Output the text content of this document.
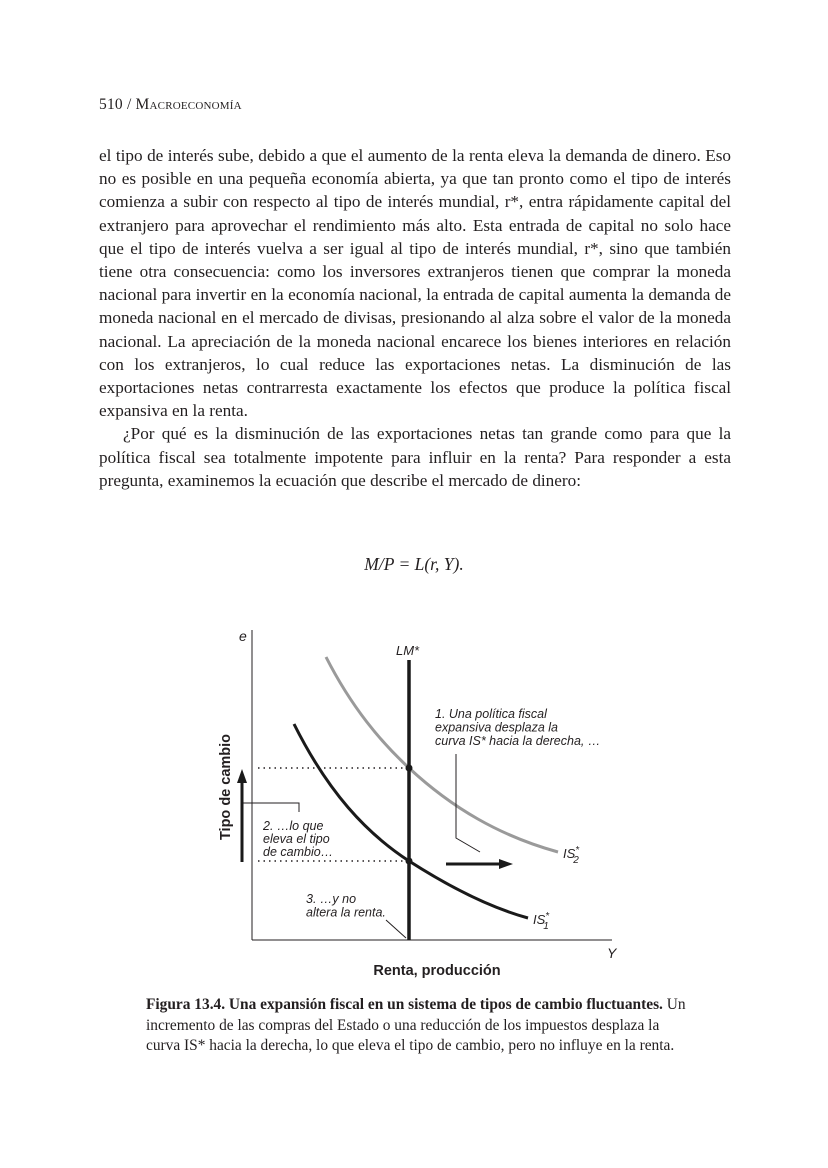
510 / Macroeconomía

el tipo de interés sube, debido a que el aumento de la renta eleva la demanda de dinero. Eso no es posible en una pequeña economía abierta, ya que tan pronto como el tipo de interés comienza a subir con respecto al tipo de interés mundial, r*, entra rápidamente capital del extranjero para aprovechar el rendimiento más alto. Esta entrada de capital no solo hace que el tipo de interés vuelva a ser igual al tipo de interés mundial, r*, sino que también tiene otra consecuencia: como los inversores extranjeros tienen que comprar la moneda nacional para invertir en la economía nacional, la entrada de capital aumenta la demanda de moneda nacional en el mercado de divisas, presionando al alza sobre el valor de la moneda nacional. La apreciación de la moneda nacional encarece los bienes interiores en relación con los extranjeros, lo cual reduce las exportaciones netas. La disminución de las exportaciones netas contrarresta exactamente los efectos que produce la política fiscal expansiva en la renta.

¿Por qué es la disminución de las exportaciones netas tan grande como para que la política fiscal sea totalmente impotente para influir en la renta? Para responder a esta pregunta, examinemos la ecuación que describe el mercado de dinero:

M/P = L(r, Y).
e
Y
Tipo de cambio
Renta, producción
LM*
IS* 2
IS* 1
1. Una política fiscal expansiva desplaza la curva IS* hacia la derecha, …
2. …lo que eleva el tipo de cambio…
3. …y no altera la renta.
Figura 13.4. Una expansión fiscal en un sistema de tipos de cambio fluctuantes. Un incremento de las compras del Estado o una reducción de los impuestos desplaza la curva IS* hacia la derecha, lo que eleva el tipo de cambio, pero no influye en la renta.
